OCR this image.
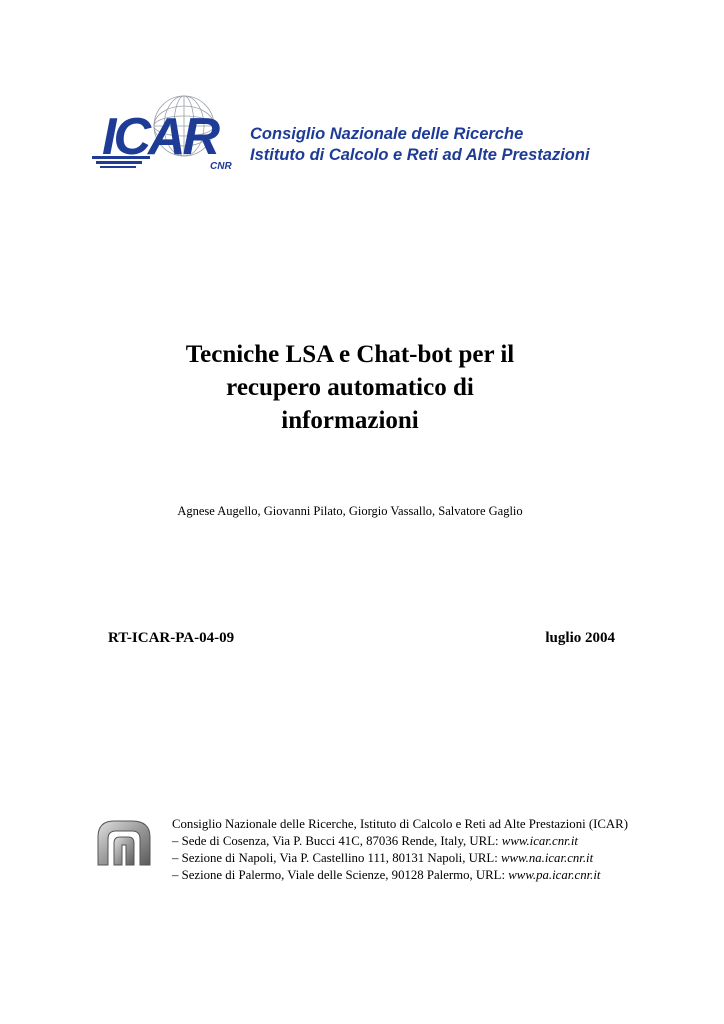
ICAR
CNR
Consiglio Nazionale delle Ricerche
Istituto di Calcolo e Reti ad Alte Prestazioni
Tecniche LSA e Chat-bot per il
recupero automatico di
informazioni
Agnese Augello, Giovanni Pilato, Giorgio Vassallo, Salvatore Gaglio
RT-ICAR-PA-04-09	luglio 2004
Consiglio Nazionale delle Ricerche, Istituto di Calcolo e Reti ad Alte Prestazioni (ICAR)
– Sede di Cosenza, Via P. Bucci 41C, 87036 Rende, Italy, URL: www.icar.cnr.it
– Sezione di Napoli, Via P. Castellino 111, 80131 Napoli, URL: www.na.icar.cnr.it
– Sezione di Palermo, Viale delle Scienze, 90128 Palermo, URL: www.pa.icar.cnr.it
